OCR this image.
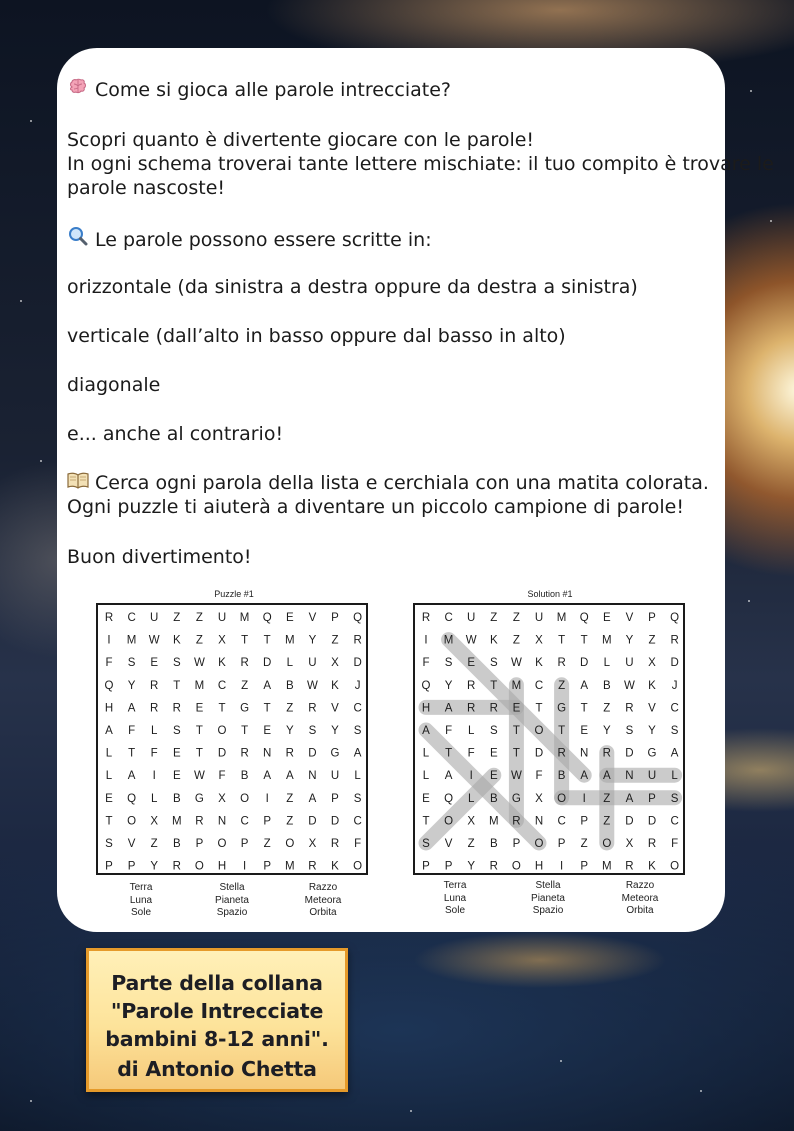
Come si gioca alle parole intrecciate?

Scopri quanto è divertente giocare con le parole!

In ogni schema troverai tante lettere mischiate: il tuo compito è trovare le

parole nascoste!

Le parole possono essere scritte in:

orizzontale (da sinistra a destra oppure da destra a sinistra)

verticale (dall’alto in basso oppure dal basso in alto)

diagonale

e... anche al contrario!

Cerca ogni parola della lista e cerchiala con una matita colorata.

Ogni puzzle ti aiuterà a diventare un piccolo campione di parole!

Buon divertimento!

Puzzle #1
R C U Z Z U M Q E V P Q
I M W K Z X T T M Y Z R
F S E S W K R D L U X D
Q Y R T M C Z A B W K J
H A R R E T G T Z R V C
A F L S T O T E Y S Y S
L T F E T D R N R D G A
L A I E W F B A A N U L
E Q L B G X O I Z A P S
T O X M R N C P Z D D C
S V Z B P O P Z O X R F
P P Y R O H I P M R K O
Terra
Luna
Sole
Stella
Pianeta
Spazio
Razzo
Meteora
Orbita
Solution #1
R C U Z Z U M Q E V P Q
I M W K Z X T T M Y Z R
F S E S W K R D L U X D
Q Y R T M C Z A B W K J
H A R R E T G T Z R V C
A F L S T O T E Y S Y S
L T F E T D R N R D G A
L A I E W F B A A N U L
E Q L B G X O I Z A P S
T O X M R N C P Z D D C
S V Z B P O P Z O X R F
P P Y R O H I P M R K O
Terra
Luna
Sole
Stella
Pianeta
Spazio
Razzo
Meteora
Orbita
Parte della collana
"Parole Intrecciate
bambini 8-12 anni".
di Antonio Chetta
